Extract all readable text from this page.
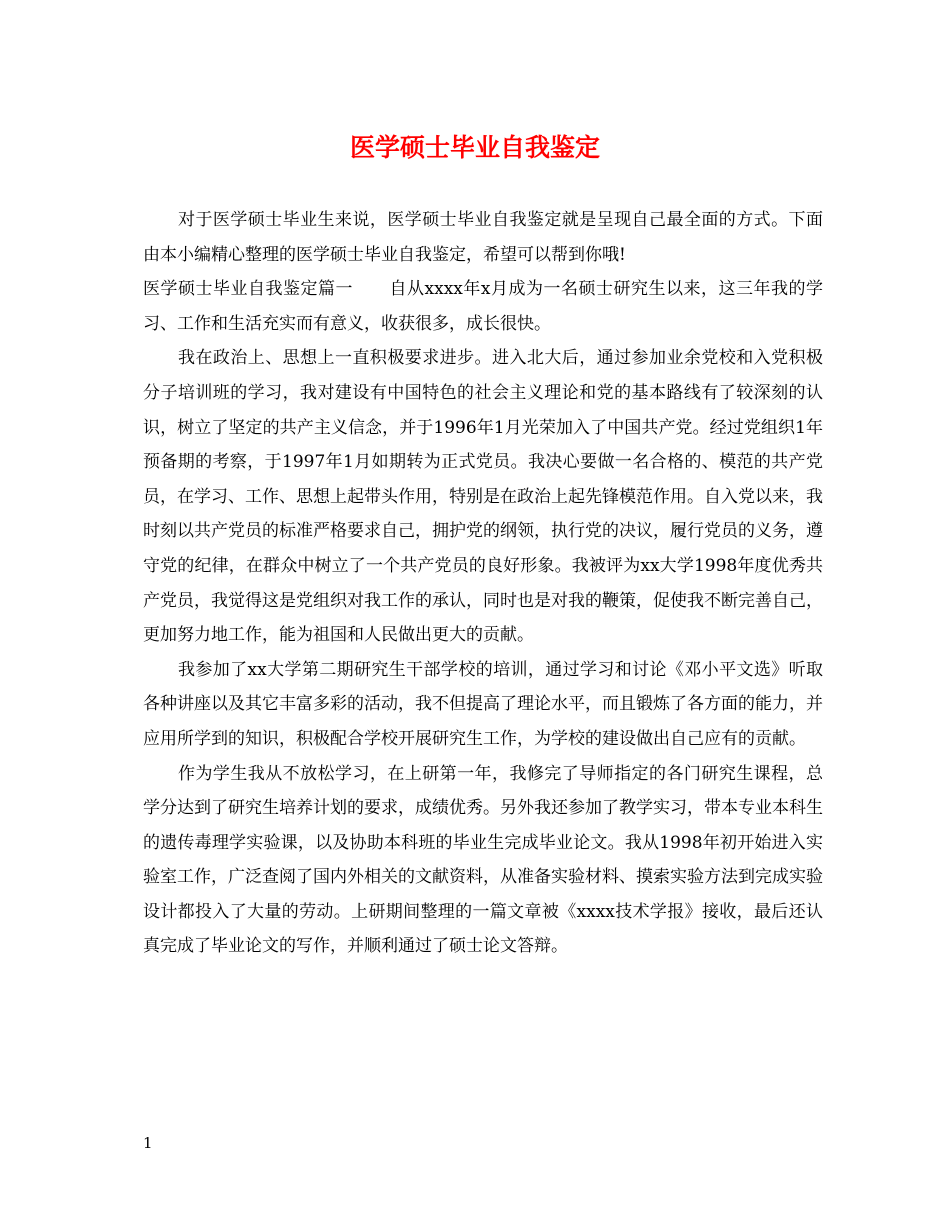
医学硕士毕业自我鉴定

对于医学硕士毕业生来说，医学硕士毕业自我鉴定就是呈现自己最全面的方式。下面由本小编精心整理的医学硕士毕业自我鉴定，希望可以帮到你哦!

医学硕士毕业自我鉴定篇一 自从xxxx年x月成为一名硕士研究生以来，这三年我的学习、工作和生活充实而有意义，收获很多，成长很快。

我在政治上、思想上一直积极要求进步。进入北大后，通过参加业余党校和入党积极分子培训班的学习，我对建设有中国特色的社会主义理论和党的基本路线有了较深刻的认识，树立了坚定的共产主义信念，并于1996年1月光荣加入了中国共产党。经过党组织1年预备期的考察，于1997年1月如期转为正式党员。我决心要做一名合格的、模范的共产党员，在学习、工作、思想上起带头作用，特别是在政治上起先锋模范作用。自入党以来，我时刻以共产党员的标准严格要求自己，拥护党的纲领，执行党的决议，履行党员的义务，遵守党的纪律，在群众中树立了一个共产党员的良好形象。我被评为xx大学1998年度优秀共产党员，我觉得这是党组织对我工作的承认，同时也是对我的鞭策，促使我不断完善自己，更加努力地工作，能为祖国和人民做出更大的贡献。

我参加了xx大学第二期研究生干部学校的培训，通过学习和讨论《邓小平文选》听取各种讲座以及其它丰富多彩的活动，我不但提高了理论水平，而且锻炼了各方面的能力，并应用所学到的知识，积极配合学校开展研究生工作，为学校的建设做出自己应有的贡献。

作为学生我从不放松学习，在上研第一年，我修完了导师指定的各门研究生课程，总学分达到了研究生培养计划的要求，成绩优秀。另外我还参加了教学实习，带本专业本科生的遗传毒理学实验课，以及协助本科班的毕业生完成毕业论文。我从1998年初开始进入实验室工作，广泛查阅了国内外相关的文献资料，从准备实验材料、摸索实验方法到完成实验设计都投入了大量的劳动。上研期间整理的一篇文章被《xxxx技术学报》接收，最后还认真完成了毕业论文的写作，并顺利通过了硕士论文答辩。

1
